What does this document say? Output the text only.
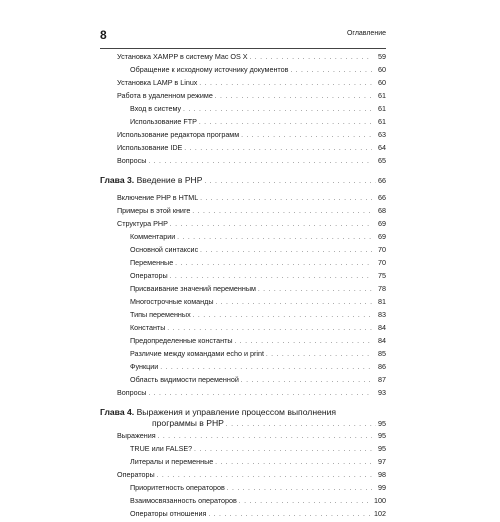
8	Оглавление
Установка XAMPP в систему Mac OS X . . .	59
Обращение к исходному источнику документов . . .	60
Установка LAMP в Linux . . .	60
Работа в удаленном режиме . . .	61
Вход в систему . . .	61
Использование FTP . . .	61
Использование редактора программ . . .	63
Использование IDE . . .	64
Вопросы . . .	65
Глава 3. Введение в PHP . . .	66
Включение PHP в HTML . . .	66
Примеры в этой книге . . .	68
Структура PHP . . .	69
Комментарии . . .	69
Основной синтаксис . . .	70
Переменные . . .	70
Операторы . . .	75
Присваивание значений переменным . . .	78
Многострочные команды . . .	81
Типы переменных . . .	83
Константы . . .	84
Предопределенные константы . . .	84
Различие между командами echo и print . . .	85
Функции . . .	86
Область видимости переменной . . .	87
Вопросы . . .	93
Глава 4. Выражения и управление процессом выполнения
программы в PHP . . .	95
Выражения . . .	95
TRUE или FALSE? . . .	95
Литералы и переменные . . .	97
Операторы . . .	98
Приоритетность операторов . . .	99
Взаимосвязанность операторов . . .	100
Операторы отношения . . .	102
